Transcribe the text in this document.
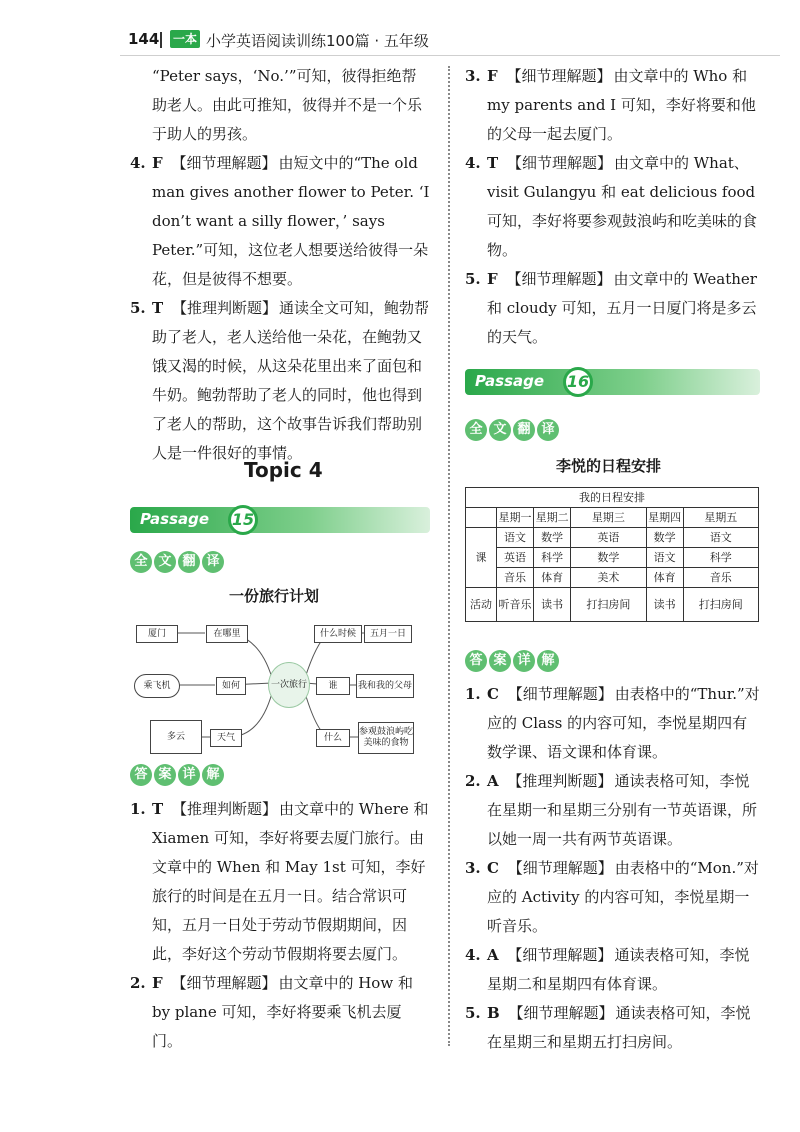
144 一本 小学英语阅读训练100篇 · 五年级

“Peter says，‘No.’”可知，彼得拒绝帮助老人。由此可推知，彼得并不是一个乐于助人的男孩。

4. F 【细节理解题】 由短文中的“The old man gives another flower to Peter. ‘I don’t want a silly flower，’ says Peter.”可知，这位老人想要送给彼得一朵花，但是彼得不想要。
5. T 【推理判断题】 通读全文可知，鲍勃帮助了老人，老人送给他一朵花，在鲍勃又饿又渴的时候，从这朵花里出来了面包和牛奶。鲍勃帮助了老人的同时，他也得到了老人的帮助，这个故事告诉我们帮助别人是一件很好的事情。
Topic 4
Passage 15
全 文 翻 译
一份旅行计划
一次旅行
厦门	在哪里
乘飞机	如何
多云	天气
什么时候	五月一日
谁	我和我的父母
什么
参观鼓浪屿吃美味的食物
答 案 详 解
1. T 【推理判断题】 由文章中的 Where 和 Xiamen 可知，李好将要去厦门旅行。由文章中的 When 和 May 1st 可知，李好旅行的时间是在五月一日。结合常识可知，五月一日处于劳动节假期期间，因此，李好这个劳动节假期将要去厦门。
2. F 【细节理解题】 由文章中的 How 和 by plane 可知，李好将要乘飞机去厦门。
3. F 【细节理解题】 由文章中的 Who 和 my parents and I 可知，李好将要和他的父母一起去厦门。
4. T 【细节理解题】 由文章中的 What、visit Gulangyu 和 eat delicious food 可知，李好将要参观鼓浪屿和吃美味的食物。
5. F 【细节理解题】 由文章中的 Weather 和 cloudy 可知，五月一日厦门将是多云的天气。
Passage 16
全 文 翻 译
李悦的日程安排
我的日程安排					
	星期一	星期二	星期三	星期四	星期五
课	语文	数学	英语	数学	语文
	英语	科学	数学	语文	科学
	音乐	体育	美术	体育	音乐
活动	听音乐	读书	打扫房间	读书	打扫房间
答 案 详 解
1. C 【细节理解题】 由表格中的“Thur.”对应的 Class 的内容可知，李悦星期四有数学课、语文课和体育课。
2. A 【推理判断题】 通读表格可知，李悦在星期一和星期三分别有一节英语课，所以她一周一共有两节英语课。
3. C 【细节理解题】 由表格中的“Mon.”对应的 Activity 的内容可知，李悦星期一听音乐。
4. A 【细节理解题】 通读表格可知，李悦星期二和星期四有体育课。
5. B 【细节理解题】 通读表格可知，李悦在星期三和星期五打扫房间。
